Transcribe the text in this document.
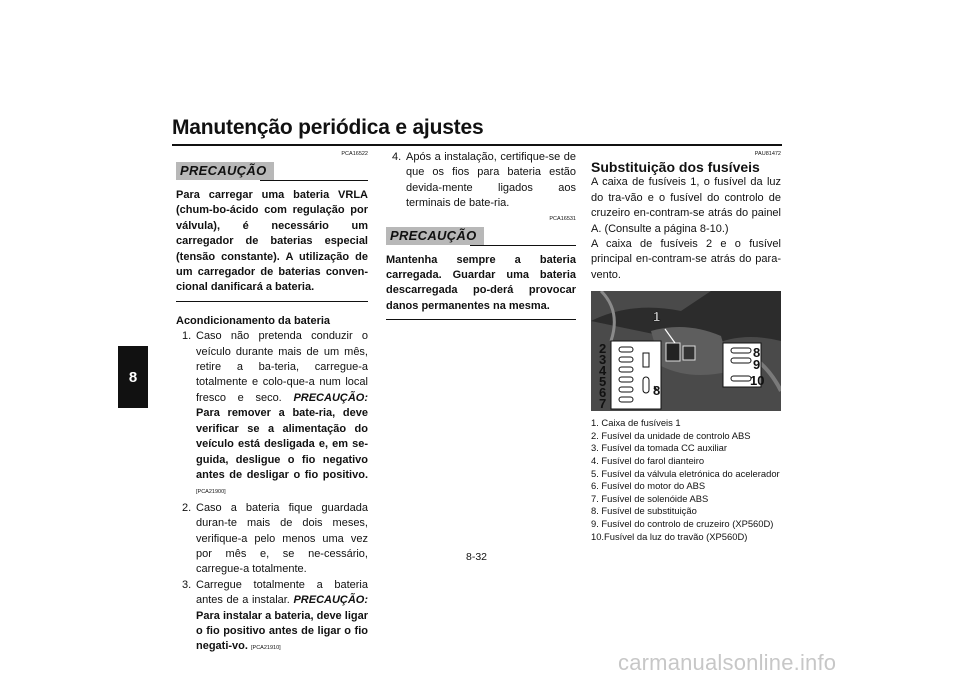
Manutenção periódica e ajustes
8
PCA16522
PRECAUÇÃO
Para carregar uma bateria VRLA (chum-bo-ácido com regulação por válvula), é necessário um carregador de baterias especial (tensão constante). A utilização de um carregador de baterias conven-cional danificará a bateria.
Acondicionamento da bateria
1. Caso não pretenda conduzir o veículo durante mais de um mês, retire a ba-teria, carregue-a totalmente e colo-que-a num local fresco e seco. PRECAUÇÃO: Para remover a bate-ria, deve verificar se a alimentação do veículo está desligada e, em se-guida, desligue o fio negativo antes de desligar o fio positivo. [PCA21900]
2. Caso a bateria fique guardada duran-te mais de dois meses, verifique-a pelo menos uma vez por mês e, se ne-cessário, carregue-a totalmente.
3. Carregue totalmente a bateria antes de a instalar. PRECAUÇÃO: Para instalar a bateria, deve ligar o fio positivo antes de ligar o fio negati-vo. [PCA21910]
4. Após a instalação, certifique-se de que os fios para bateria estão devida-mente ligados aos terminais de bate-ria.
PCA16531
PRECAUÇÃO
Mantenha sempre a bateria carregada. Guardar uma bateria descarregada po-derá provocar danos permanentes na mesma.
PAU81472
Substituição dos fusíveis
A caixa de fusíveis 1, o fusível da luz do tra-vão e o fusível do controlo de cruzeiro en-contram-se atrás do painel A. (Consulte a página 8-10.)
A caixa de fusíveis 2 e o fusível principal en-contram-se atrás do para-vento.
1
2
3
4
5
6
7
8
8
9
10
1. Caixa de fusíveis 1
2. Fusível da unidade de controlo ABS
3. Fusível da tomada CC auxiliar
4. Fusível do farol dianteiro
5. Fusível da válvula eletrónica do acelerador
6. Fusível do motor do ABS
7. Fusível de solenóide ABS
8. Fusível de substituição
9. Fusível do controlo de cruzeiro (XP560D)
10.Fusível da luz do travão (XP560D)
8-32
carmanualsonline.info
